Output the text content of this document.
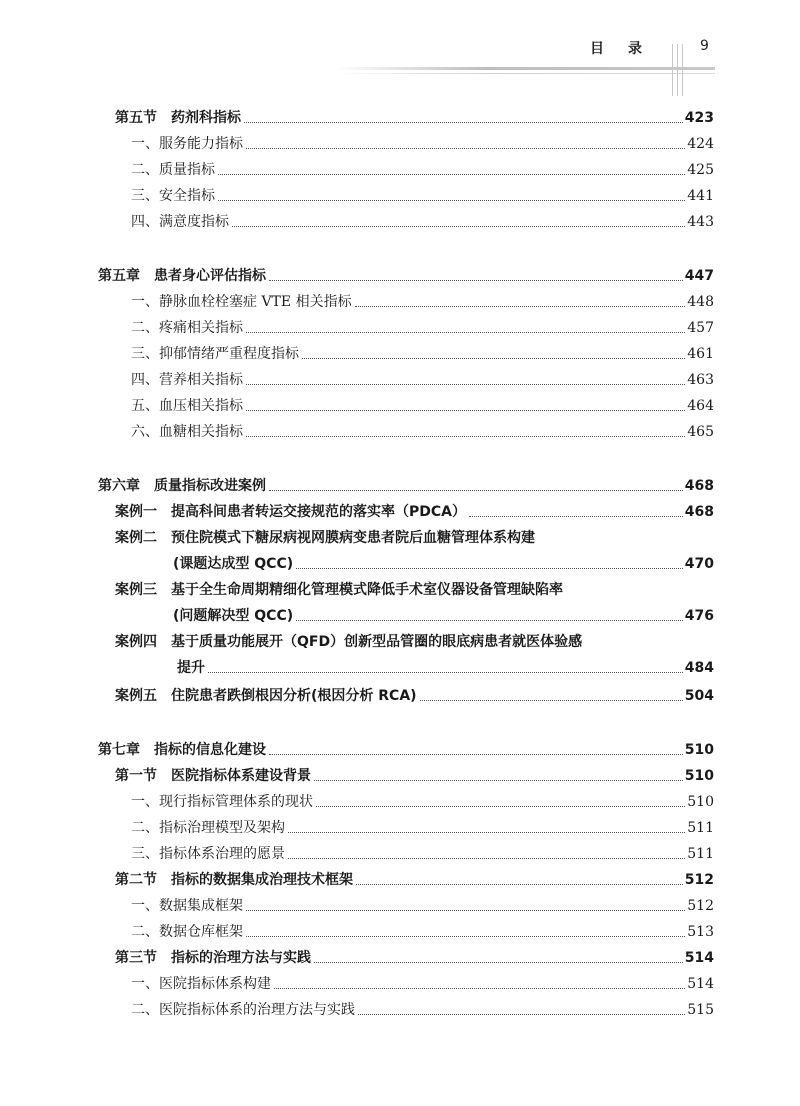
目录 9
第五节　药剂科指标	423
一、服务能力指标	424
二、质量指标	425
三、安全指标	441
四、满意度指标	443
第五章　患者身心评估指标	447
一、静脉血栓栓塞症 VTE 相关指标	448
二、疼痛相关指标	457
三、抑郁情绪严重程度指标	461
四、营养相关指标	463
五、血压相关指标	464
六、血糖相关指标	465
第六章　质量指标改进案例	468
案例一　提高科间患者转运交接规范的落实率（PDCA）	468
案例二　预住院模式下糖尿病视网膜病变患者院后血糖管理体系构建
(课题达成型 QCC)	470
案例三　基于全生命周期精细化管理模式降低手术室仪器设备管理缺陷率
(问题解决型 QCC)	476
案例四　基于质量功能展开（QFD）创新型品管圈的眼底病患者就医体验感
提升	484
案例五　住院患者跌倒根因分析(根因分析 RCA)	504
第七章　指标的信息化建设	510
第一节　医院指标体系建设背景	510
一、现行指标管理体系的现状	510
二、指标治理模型及架构	511
三、指标体系治理的愿景	511
第二节　指标的数据集成治理技术框架	512
一、数据集成框架	512
二、数据仓库框架	513
第三节　指标的治理方法与实践	514
一、医院指标体系构建	514
二、医院指标体系的治理方法与实践	515
